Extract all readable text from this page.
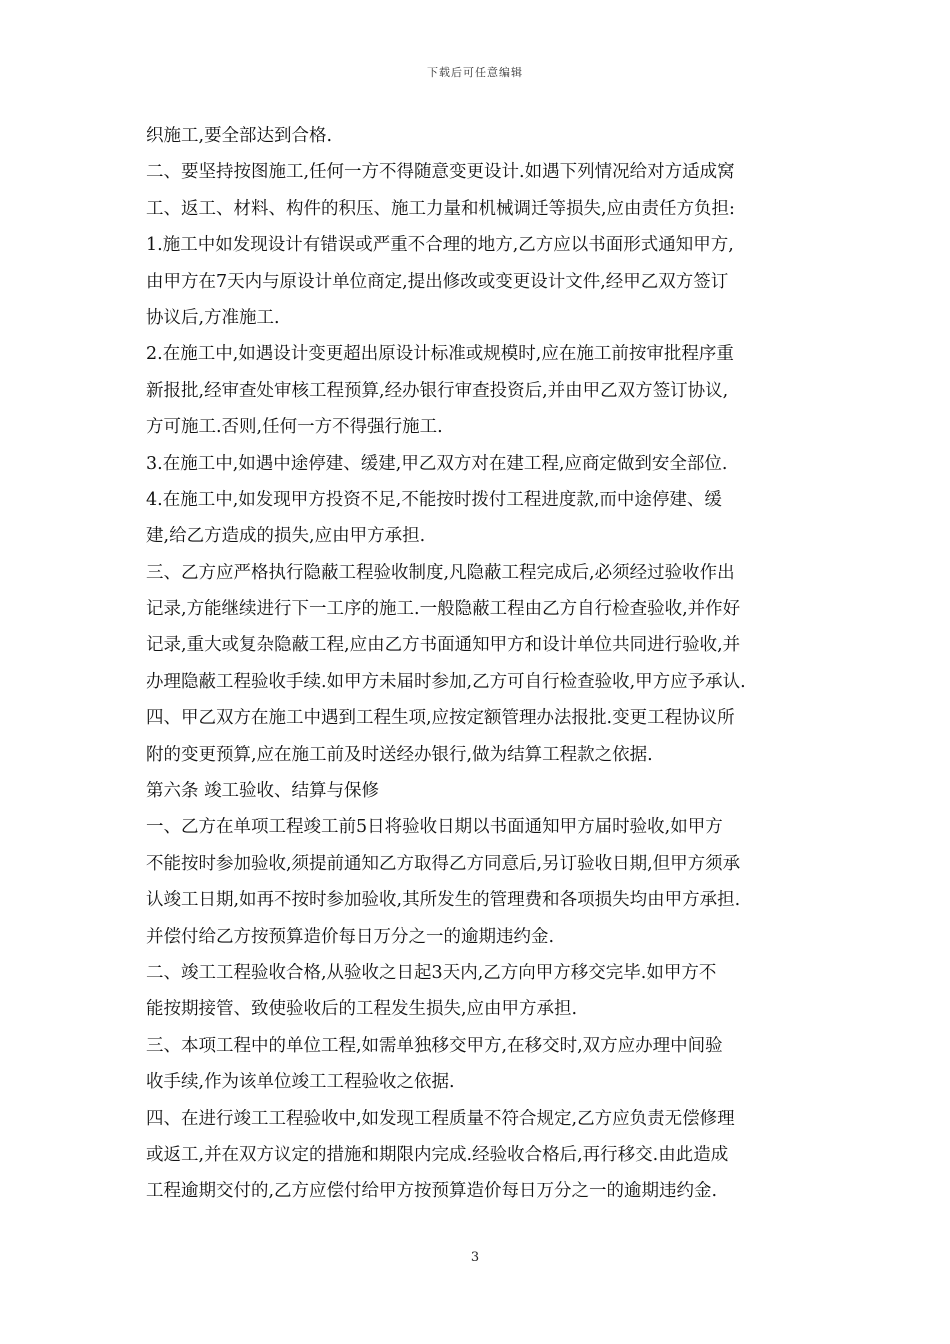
下载后可任意编辑
织施工,要全部达到合格.
二、要坚持按图施工,任何一方不得随意变更设计.如遇下列情况给对方适成窝
工、返工、材料、构件的积压、施工力量和机械调迁等损失,应由责任方负担:
1.施工中如发现设计有错误或严重不合理的地方,乙方应以书面形式通知甲方,
由甲方在7天内与原设计单位商定,提出修改或变更设计文件,经甲乙双方签订
协议后,方准施工.
2.在施工中,如遇设计变更超出原设计标准或规模时,应在施工前按审批程序重
新报批,经审查处审核工程预算,经办银行审查投资后,并由甲乙双方签订协议,
方可施工.否则,任何一方不得强行施工.
3.在施工中,如遇中途停建、缓建,甲乙双方对在建工程,应商定做到安全部位.
4.在施工中,如发现甲方投资不足,不能按时拨付工程进度款,而中途停建、缓
建,给乙方造成的损失,应由甲方承担.
三、乙方应严格执行隐蔽工程验收制度,凡隐蔽工程完成后,必须经过验收作出
记录,方能继续进行下一工序的施工.一般隐蔽工程由乙方自行检查验收,并作好
记录,重大或复杂隐蔽工程,应由乙方书面通知甲方和设计单位共同进行验收,并
办理隐蔽工程验收手续.如甲方未届时参加,乙方可自行检查验收,甲方应予承认.
四、甲乙双方在施工中遇到工程生项,应按定额管理办法报批.变更工程协议所
附的变更预算,应在施工前及时送经办银行,做为结算工程款之依据.
第六条 竣工验收、结算与保修
一、乙方在单项工程竣工前5日将验收日期以书面通知甲方届时验收,如甲方
不能按时参加验收,须提前通知乙方取得乙方同意后,另订验收日期,但甲方须承
认竣工日期,如再不按时参加验收,其所发生的管理费和各项损失均由甲方承担.
并偿付给乙方按预算造价每日万分之一的逾期违约金.
二、竣工工程验收合格,从验收之日起3天内,乙方向甲方移交完毕.如甲方不
能按期接管、致使验收后的工程发生损失,应由甲方承担.
三、本项工程中的单位工程,如需单独移交甲方,在移交时,双方应办理中间验
收手续,作为该单位竣工工程验收之依据.
四、在进行竣工工程验收中,如发现工程质量不符合规定,乙方应负责无偿修理
或返工,并在双方议定的措施和期限内完成.经验收合格后,再行移交.由此造成
工程逾期交付的,乙方应偿付给甲方按预算造价每日万分之一的逾期违约金.
3
